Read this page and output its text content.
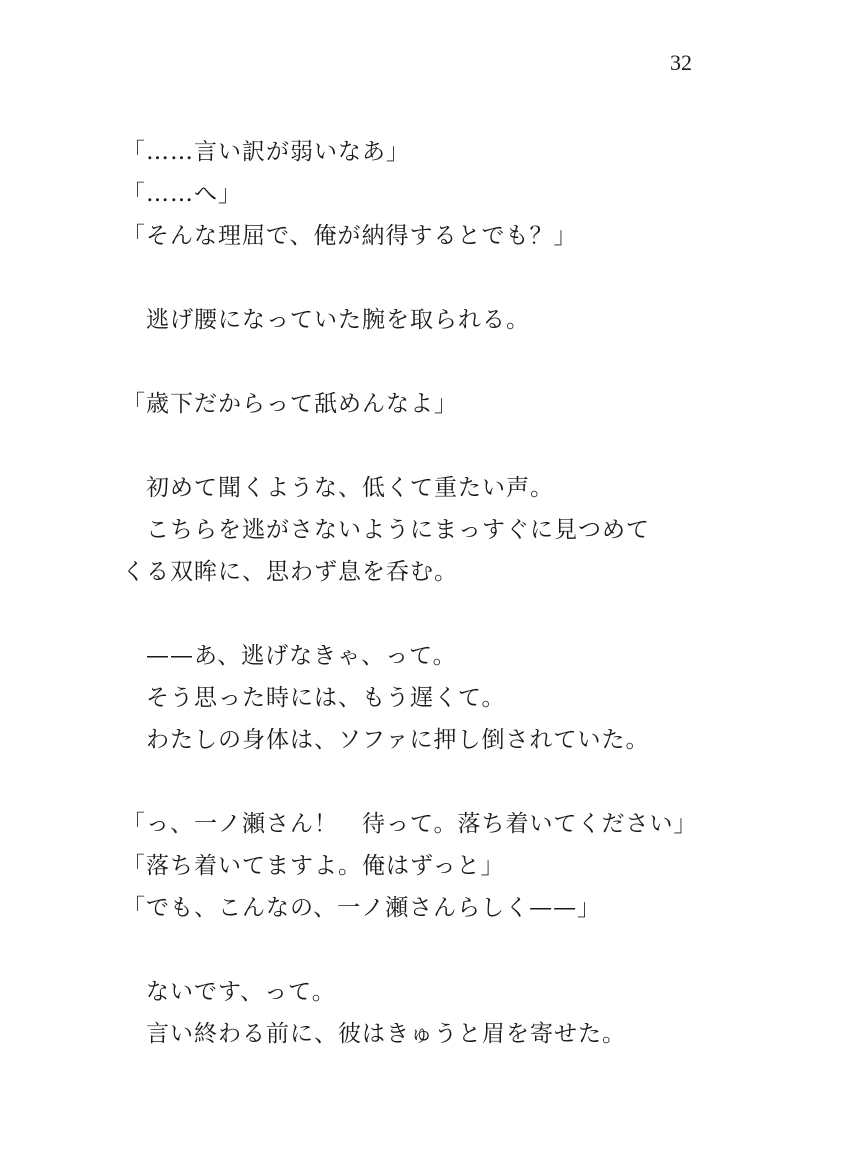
32
「……言い訳が弱いなあ」
「……へ」
「そんな理屈で、俺が納得するとでも？」
　逃げ腰になっていた腕を取られる。
「歳下だからって舐めんなよ」
　初めて聞くような、低くて重たい声。
　こちらを逃がさないようにまっすぐに見つめて
くる双眸に、思わず息を呑む。
　——あ、逃げなきゃ、って。
　そう思った時には、もう遅くて。
　わたしの身体は、ソファに押し倒されていた。
「っ、一ノ瀬さん！　待って。落ち着いてください」
「落ち着いてますよ。俺はずっと」
「でも、こんなの、一ノ瀬さんらしく——」
　ないです、って。
　言い終わる前に、彼はきゅうと眉を寄せた。
